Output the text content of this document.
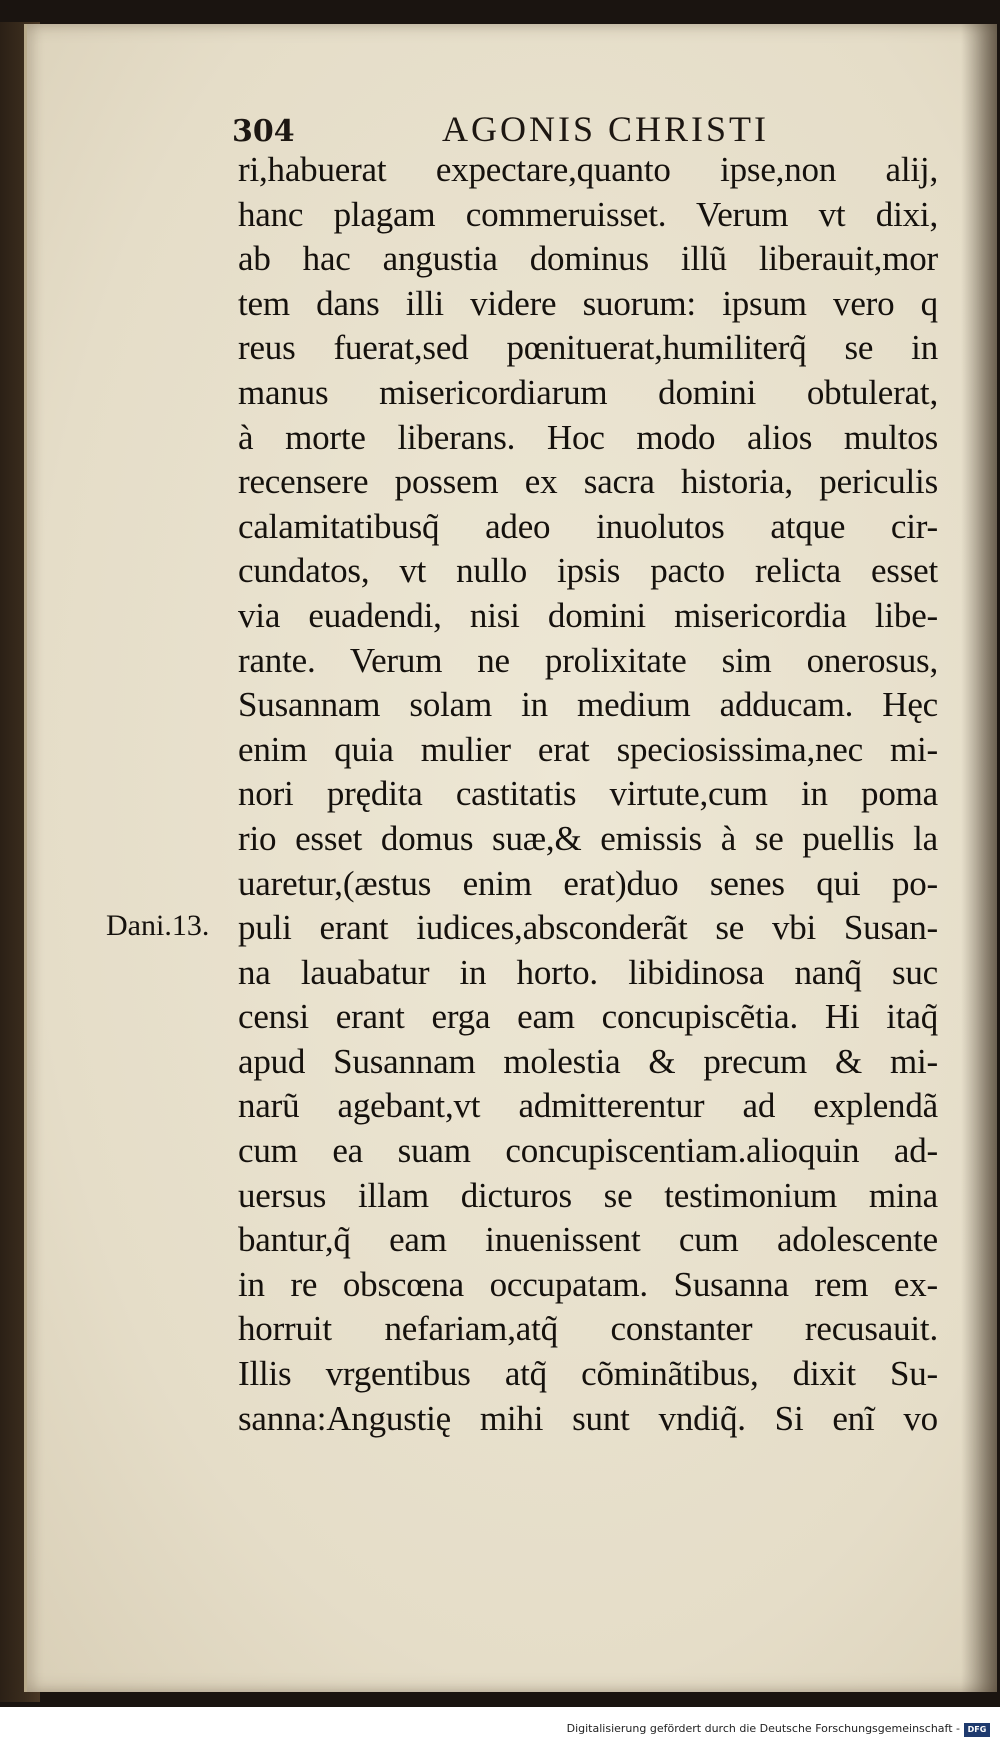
304	AGONIS CHRISTI
Dani.13.
ri,habuerat expectare,quanto ipse,non alij,
hanc plagam commeruisset. Verum vt dixi,
ab hac angustia dominus illũ liberauit,mor
tem dans illi videre suorum: ipsum vero q
reus fuerat,sed pœnituerat,humiliterq̃ se in
manus misericordiarum domini obtulerat,
à morte liberans. Hoc modo alios multos
recensere possem ex sacra historia, periculis
calamitatibusq̃ adeo inuolutos atque cir-
cundatos, vt nullo ipsis pacto relicta esset
via euadendi, nisi domini misericordia libe-
rante. Verum ne prolixitate sim onerosus,
Susannam solam in medium adducam. Hęc
enim quia mulier erat speciosissima,nec mi-
nori prędita castitatis virtute,cum in poma
rio esset domus suæ,& emissis à se puellis la
uaretur,(æstus enim erat)duo senes qui po-
puli erant iudices,absconderãt se vbi Susan-
na lauabatur in horto. libidinosa nanq̃ suc
censi erant erga eam concupiscẽtia. Hi itaq̃
apud Susannam molestia & precum & mi-
narũ agebant,vt admitterentur ad explendã
cum ea suam concupiscentiam.alioquin ad-
uersus illam dicturos se testimonium mina
bantur,q̃ eam inuenissent cum adolescente
in re obscœna occupatam. Susanna rem ex-
horruit nefariam,atq̃ constanter recusauit.
Illis vrgentibus atq̃ cõminãtibus, dixit Su-
sanna:Angustię mihi sunt vndiq̃. Si enĩ vo
Digitalisierung gefördert durch die Deutsche Forschungsgemeinschaft - DFG
